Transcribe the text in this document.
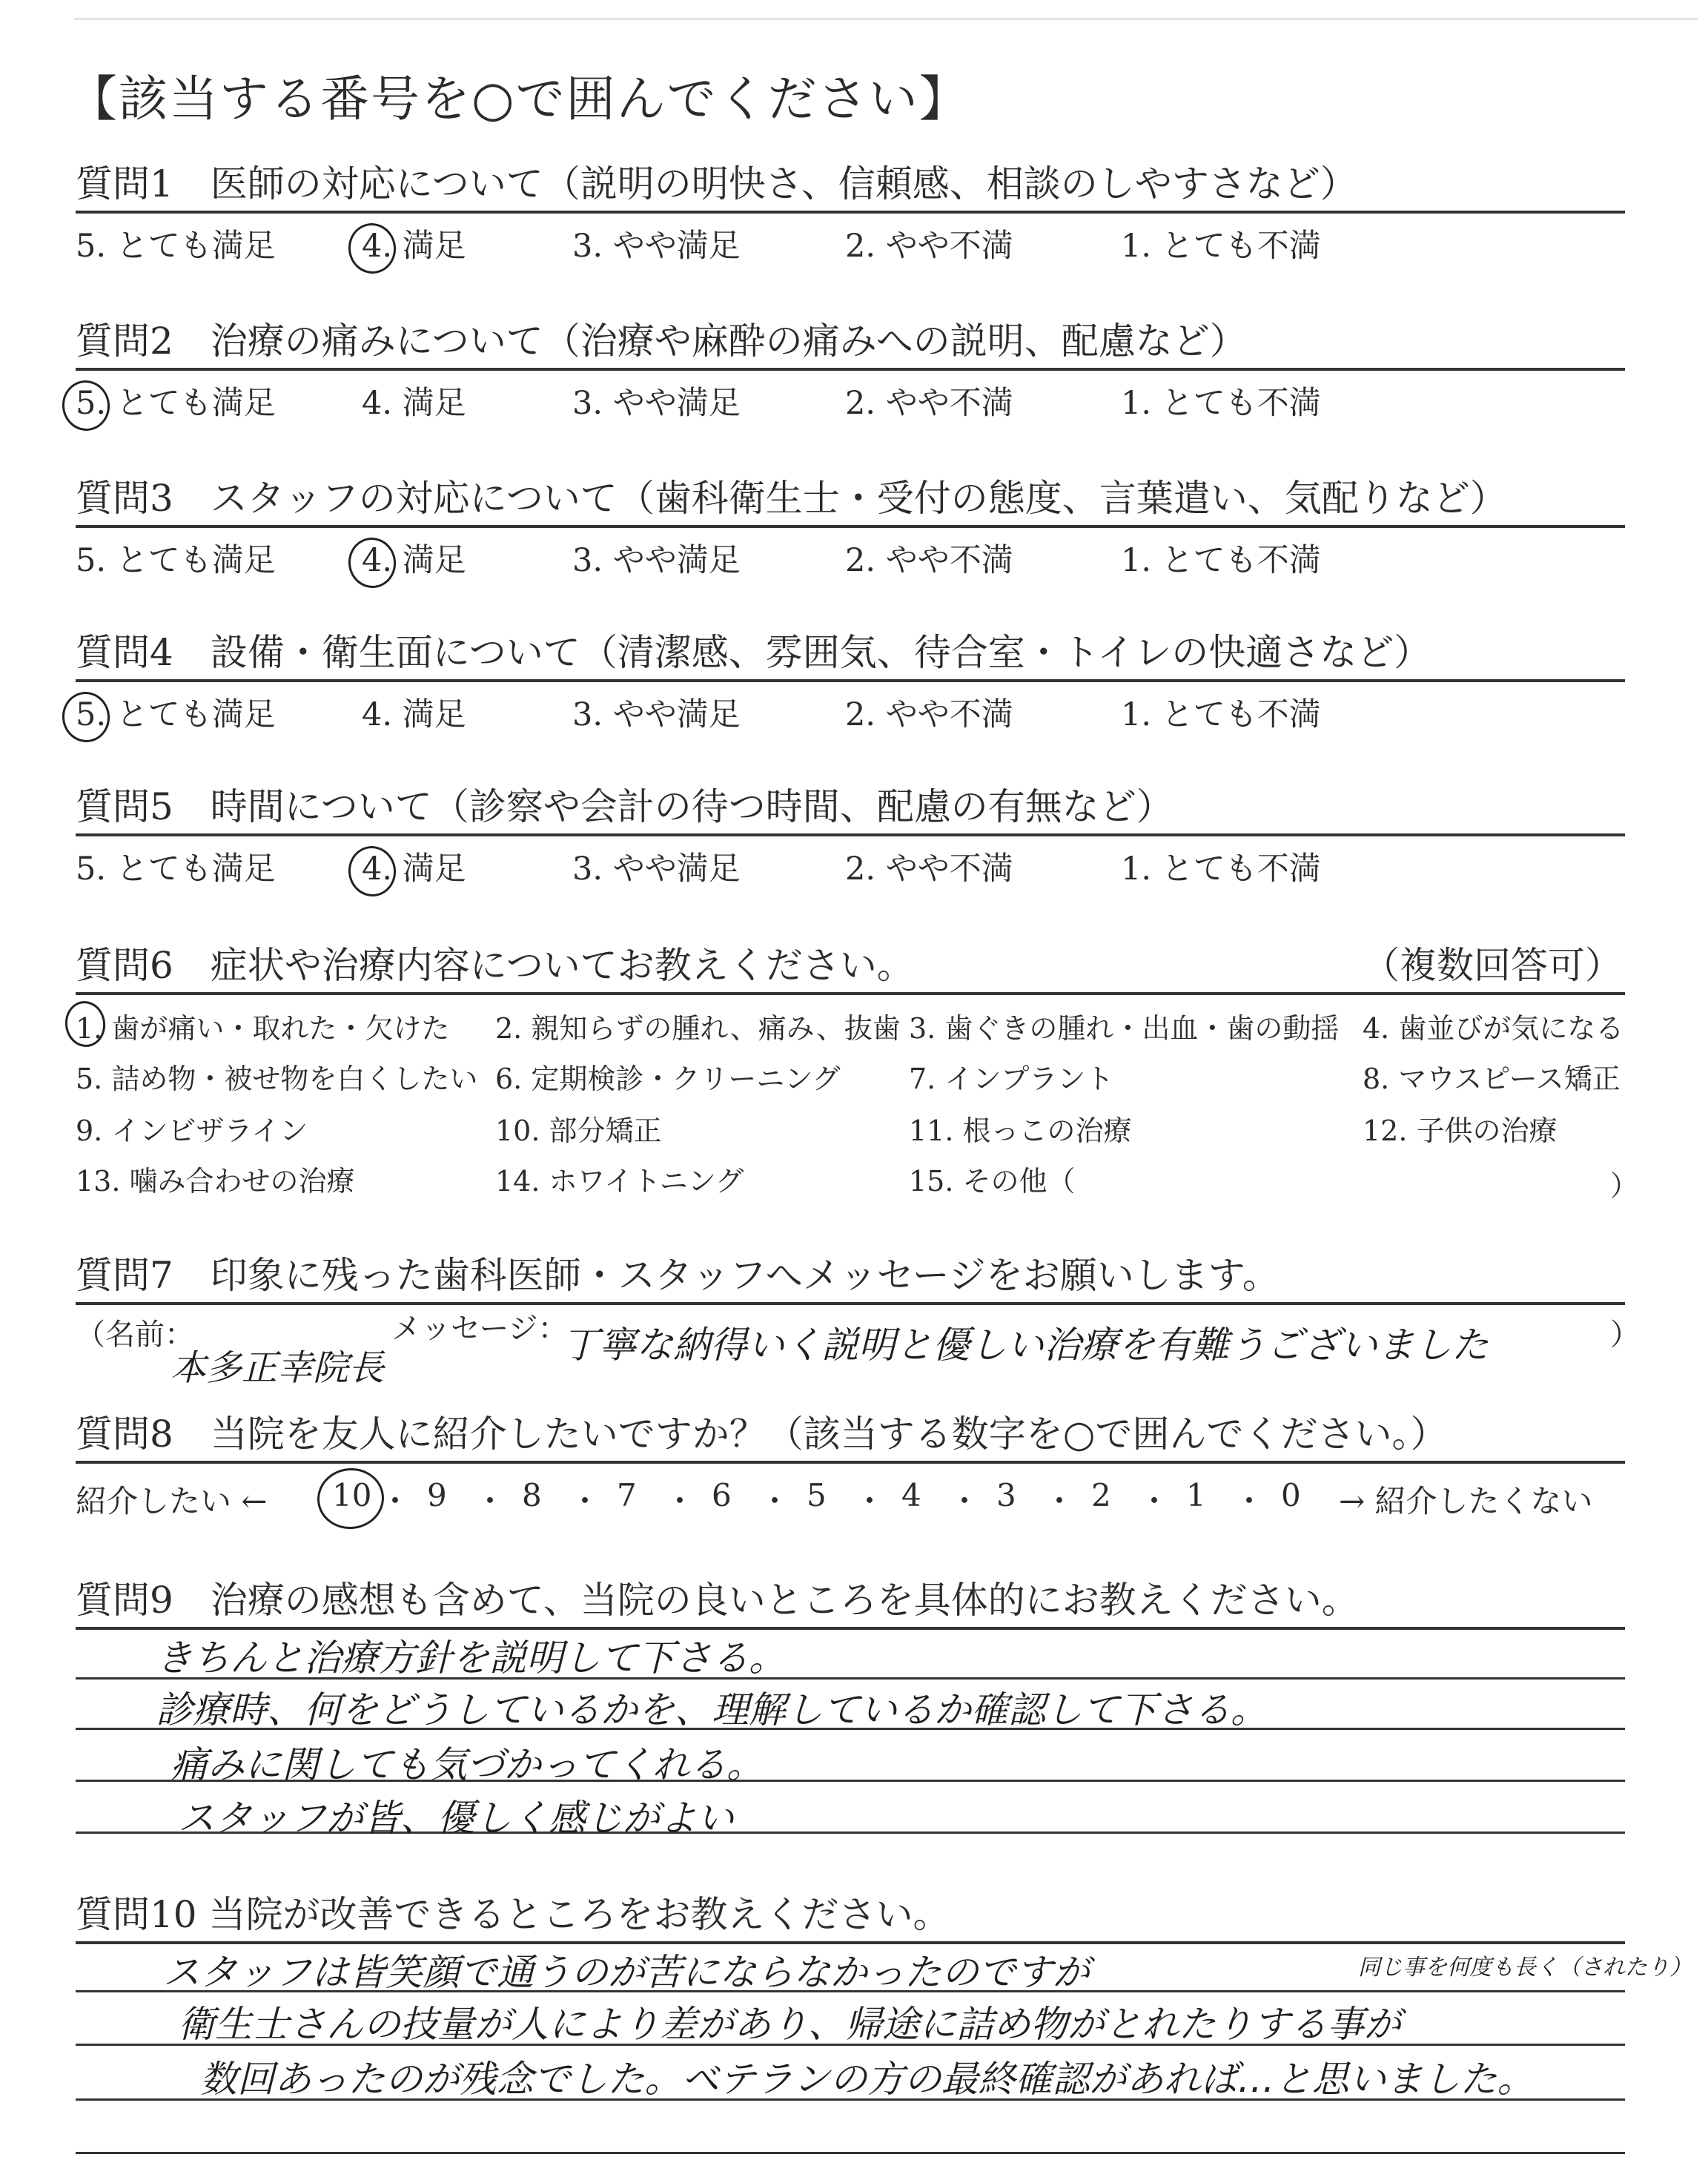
【該当する番号を○で囲んでください】
質問1　医師の対応について（説明の明快さ、信頼感、相談のしやすさなど）
5. とても満足	4. 満足	3. やや満足	2. やや不満	1. とても不満
質問2　治療の痛みについて（治療や麻酔の痛みへの説明、配慮など）
5. とても満足	4. 満足	3. やや満足	2. やや不満	1. とても不満
質問3　スタッフの対応について（歯科衛生士・受付の態度、言葉遣い、気配りなど）
5. とても満足	4. 満足	3. やや満足	2. やや不満	1. とても不満
質問4　設備・衛生面について（清潔感、雰囲気、待合室・トイレの快適さなど）
5. とても満足	4. 満足	3. やや満足	2. やや不満	1. とても不満
質問5　時間について（診察や会計の待つ時間、配慮の有無など）
5. とても満足	4. 満足	3. やや満足	2. やや不満	1. とても不満
質問6　症状や治療内容についてお教えください。	（複数回答可）
1. 歯が痛い・取れた・欠けた 2. 親知らずの腫れ、痛み、抜歯 3. 歯ぐきの腫れ・出血・歯の動揺 4. 歯並びが気になる
5. 詰め物・被せ物を白くしたい 6. 定期検診・クリーニング 7. インプラント	8. マウスピース矯正
9. インビザライン	10. 部分矯正	11. 根っこの治療	12. 子供の治療
13. 噛み合わせの治療	14. ホワイトニング	15. その他（	）
質問7　印象に残った歯科医師・スタッフへメッセージをお願いします。
（名前：
本多正幸院長
メッセージ：
丁寧な納得いく説明と優しい治療を有難うございました	）
質問8　当院を友人に紹介したいですか？（該当する数字を○で囲んでください。）
紹介したい ←	→ 紹介したくない
10 ・ 9 ・ 8 ・ 7 ・ 6 ・ 5 ・ 4 ・ 3 ・ 2 ・ 1 ・ 0
質問9　治療の感想も含めて、当院の良いところを具体的にお教えください。
きちんと治療方針を説明して下さる。
診療時、何をどうしているかを、理解しているか確認して下さる。
痛みに関しても気づかってくれる。
スタッフが皆、優しく感じがよい
質問10 当院が改善できるところをお教えください。
同じ事を何度も長く（されたり）
スタッフは皆笑顔で通うのが苦にならなかったのですが
衛生士さんの技量が人により差があり、帰途に詰め物がとれたりする事が
数回あったのが残念でした。ベテランの方の最終確認があれば…と思いました。
